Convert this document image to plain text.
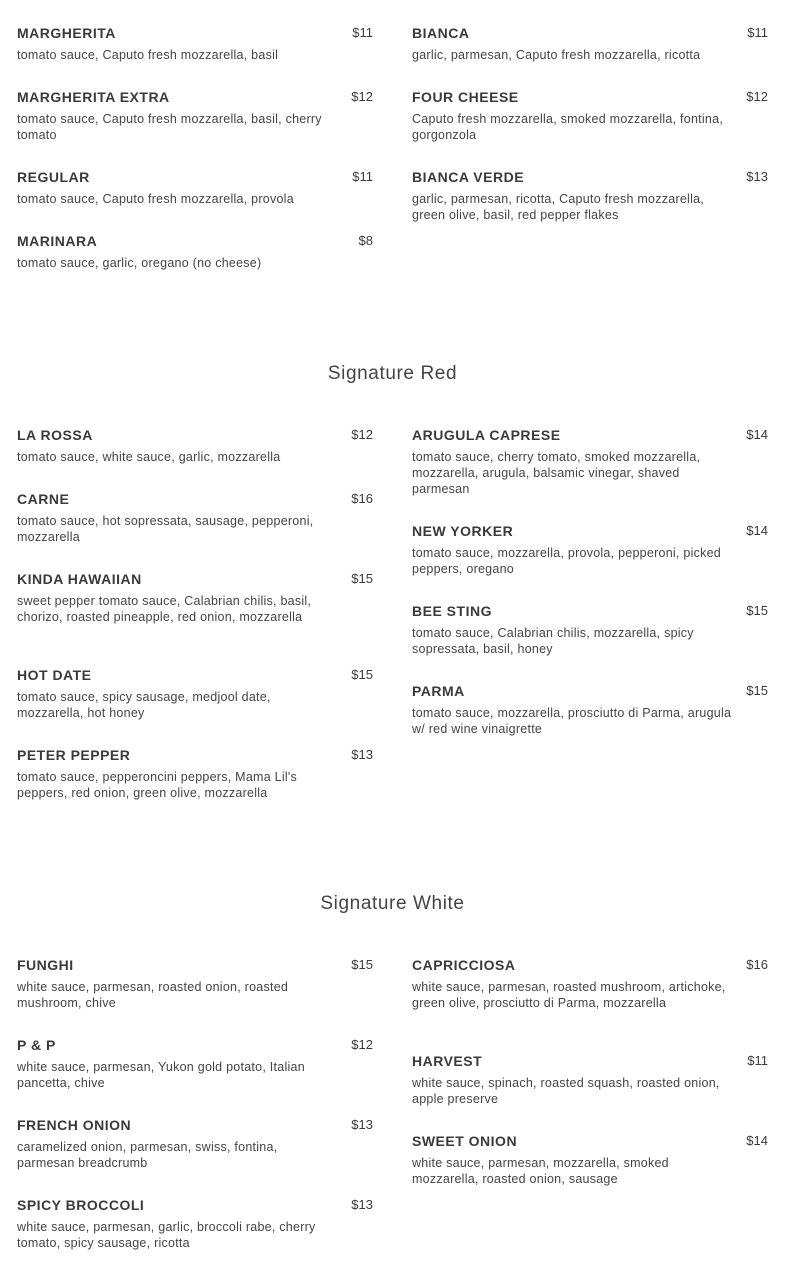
MARGHERITA	$11
tomato sauce, Caputo fresh mozzarella, basil
MARGHERITA EXTRA	$12
tomato sauce, Caputo fresh mozzarella, basil, cherry tomato
REGULAR	$11
tomato sauce, Caputo fresh mozzarella, provola
MARINARA	$8
tomato sauce, garlic, oregano (no cheese)
BIANCA	$11
garlic, parmesan, Caputo fresh mozzarella, ricotta
FOUR CHEESE	$12
Caputo fresh mozzarella, smoked mozzarella, fontina, gorgonzola
BIANCA VERDE	$13
garlic, parmesan, ricotta, Caputo fresh mozzarella, green olive, basil, red pepper flakes
Signature Red
LA ROSSA	$12
tomato sauce, white sauce, garlic, mozzarella
CARNE	$16
tomato sauce, hot sopressata, sausage, pepperoni, mozzarella
KINDA HAWAIIAN	$15
sweet pepper tomato sauce, Calabrian chilis, basil, chorizo, roasted pineapple, red onion, mozzarella
HOT DATE	$15
tomato sauce, spicy sausage, medjool date, mozzarella, hot honey
PETER PEPPER	$13
tomato sauce, pepperoncini peppers, Mama Lil's peppers, red onion, green olive, mozzarella
ARUGULA CAPRESE	$14
tomato sauce, cherry tomato, smoked mozzarella, mozzarella, arugula, balsamic vinegar, shaved parmesan
NEW YORKER	$14
tomato sauce, mozzarella, provola, pepperoni, picked peppers, oregano
BEE STING	$15
tomato sauce, Calabrian chilis, mozzarella, spicy sopressata, basil, honey
PARMA	$15
tomato sauce, mozzarella, prosciutto di Parma, arugula w/ red wine vinaigrette
Signature White
FUNGHI	$15
white sauce, parmesan, roasted onion, roasted mushroom, chive
P & P	$12
white sauce, parmesan, Yukon gold potato, Italian pancetta, chive
FRENCH ONION	$13
caramelized onion, parmesan, swiss, fontina, parmesan breadcrumb
SPICY BROCCOLI	$13
white sauce, parmesan, garlic, broccoli rabe, cherry tomato, spicy sausage, ricotta
CAPRICCIOSA	$16
white sauce, parmesan, roasted mushroom, artichoke, green olive, prosciutto di Parma, mozzarella
HARVEST	$11
white sauce, spinach, roasted squash, roasted onion, apple preserve
SWEET ONION	$14
white sauce, parmesan, mozzarella, smoked mozzarella, roasted onion, sausage
